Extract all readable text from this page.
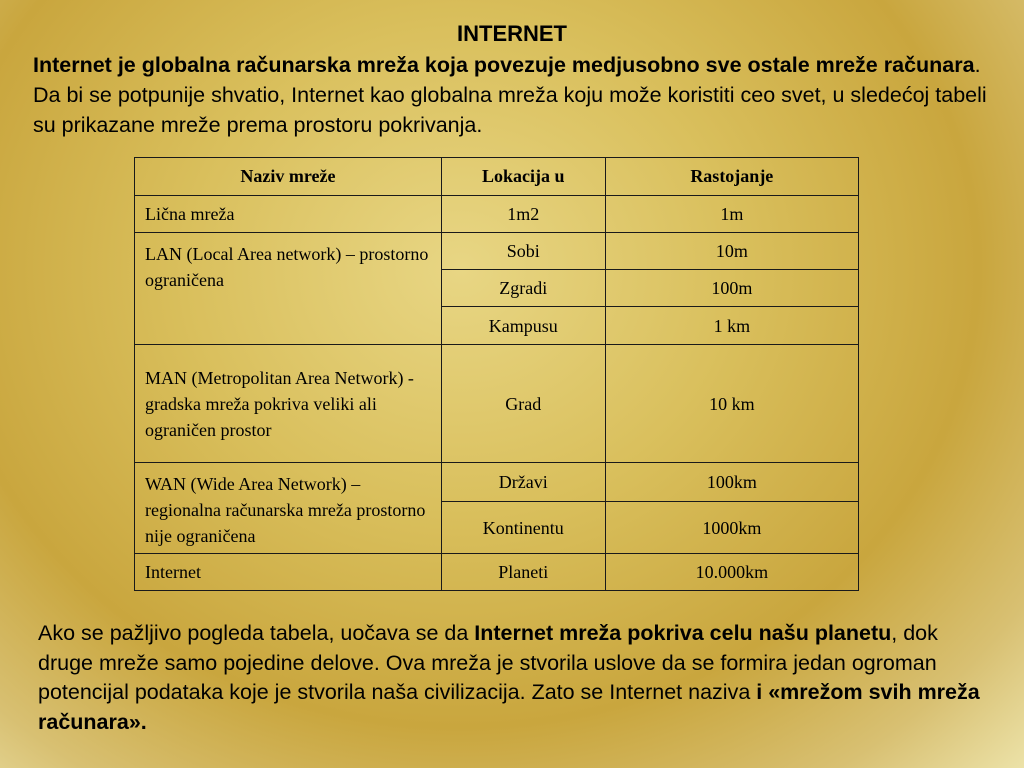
INTERNET
Internet je globalna računarska mreža koja povezuje medjusobno sve ostale mreže računara. Da bi se potpunije shvatio, Internet kao globalna mreža koju može koristiti ceo svet, u sledećoj tabeli su prikazane mreže prema prostoru pokrivanja.
Naziv mreže	Lokacija u	Rastojanje
Lična mreža	1m2	1m
LAN (Local Area network) – prostorno ograničena	Sobi	10m
	Zgradi	100m
	Kampusu	1 km
MAN (Metropolitan Area Network) - gradska mreža pokriva veliki ali ograničen prostor	Grad	10 km
WAN (Wide Area Network) – regionalna računarska mreža prostorno nije ograničena	Državi	100km
	Kontinentu	1000km
Internet	Planeti	10.000km
Ako se pažljivo pogleda tabela, uočava se da Internet mreža pokriva celu našu planetu, dok druge mreže samo pojedine delove. Ova mreža je stvorila uslove da se formira jedan ogroman potencijal podataka koje je stvorila naša civilizacija. Zato se Internet naziva i «mrežom svih mreža računara».
